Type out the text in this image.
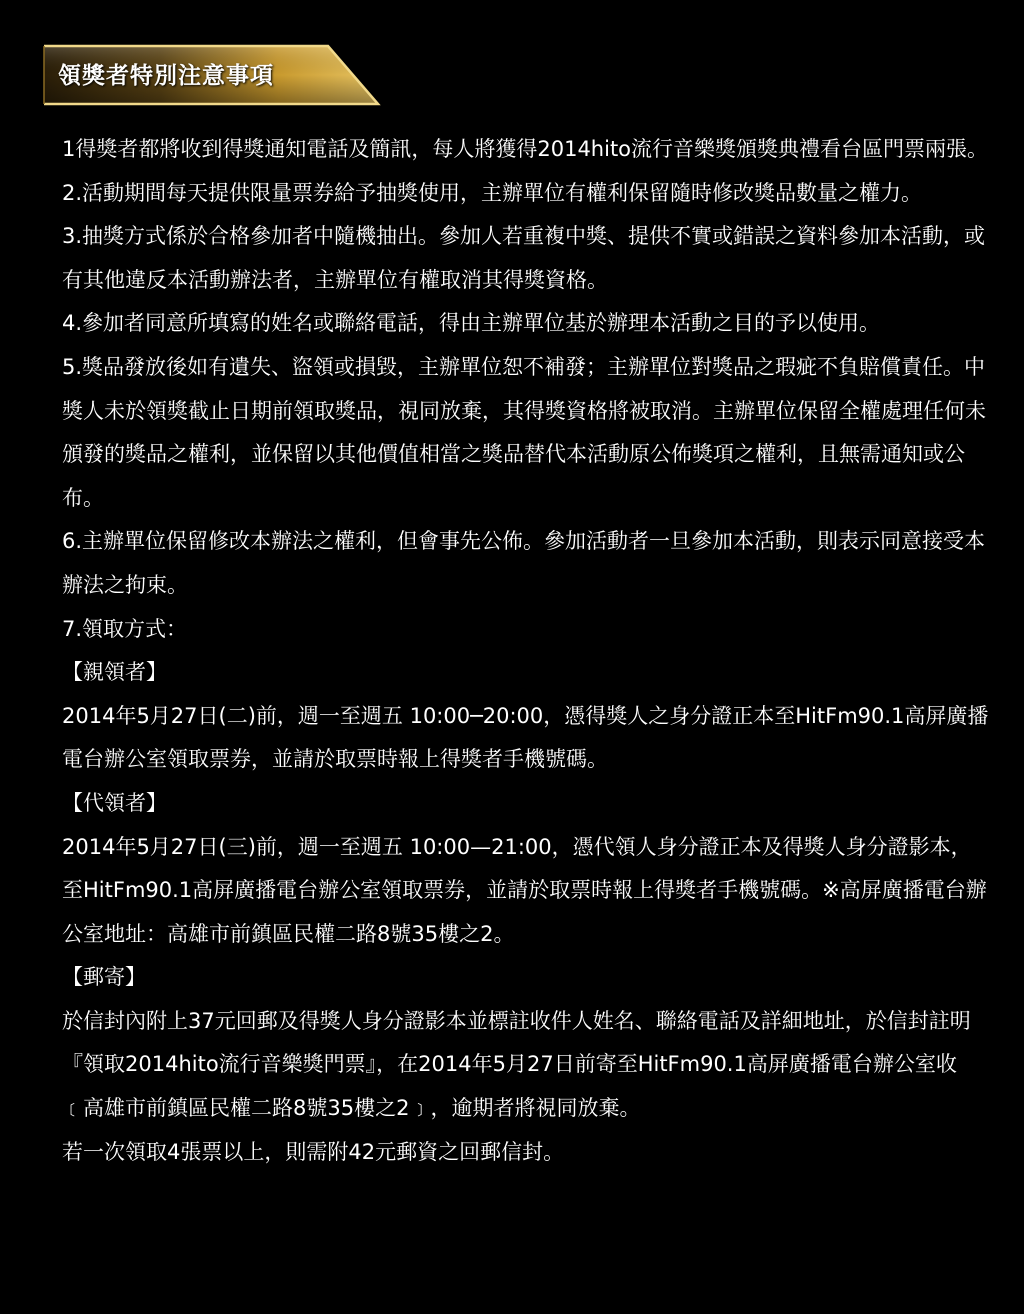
領獎者特別注意事項

1得獎者都將收到得獎通知電話及簡訊，每人將獲得2014hito流行音樂獎頒獎典禮看台區門票兩張。

2.活動期間每天提供限量票券給予抽獎使用，主辦單位有權利保留隨時修改獎品數量之權力。

3.抽獎方式係於合格參加者中隨機抽出。參加人若重複中獎、提供不實或錯誤之資料參加本活動，或有其他違反本活動辦法者，主辦單位有權取消其得獎資格。

4.參加者同意所填寫的姓名或聯絡電話，得由主辦單位基於辦理本活動之目的予以使用。

5.獎品發放後如有遺失、盜領或損毀，主辦單位恕不補發；主辦單位對獎品之瑕疵不負賠償責任。中獎人未於領獎截止日期前領取獎品，視同放棄，其得獎資格將被取消。主辦單位保留全權處理任何未頒發的獎品之權利，並保留以其他價值相當之獎品替代本活動原公佈獎項之權利，且無需通知或公布。

6.主辦單位保留修改本辦法之權利，但會事先公佈。參加活動者一旦參加本活動，則表示同意接受本辦法之拘束。

7.領取方式：

【親領者】

2014年5月27日(二)前，週一至週五 10:00─20:00，憑得獎人之身分證正本至HitFm90.1高屏廣播電台辦公室領取票券，並請於取票時報上得獎者手機號碼。

【代領者】

2014年5月27日(三)前，週一至週五 10:00—21:00，憑代領人身分證正本及得獎人身分證影本，至HitFm90.1高屏廣播電台辦公室領取票券，並請於取票時報上得獎者手機號碼。※高屏廣播電台辦公室地址：高雄市前鎮區民權二路8號35樓之2。

【郵寄】

於信封內附上37元回郵及得獎人身分證影本並標註收件人姓名、聯絡電話及詳細地址，於信封註明『領取2014hito流行音樂獎門票』，在2014年5月27日前寄至HitFm90.1高屏廣播電台辦公室收﹝高雄市前鎮區民權二路8號35樓之2﹞，逾期者將視同放棄。

若一次領取4張票以上，則需附42元郵資之回郵信封。
